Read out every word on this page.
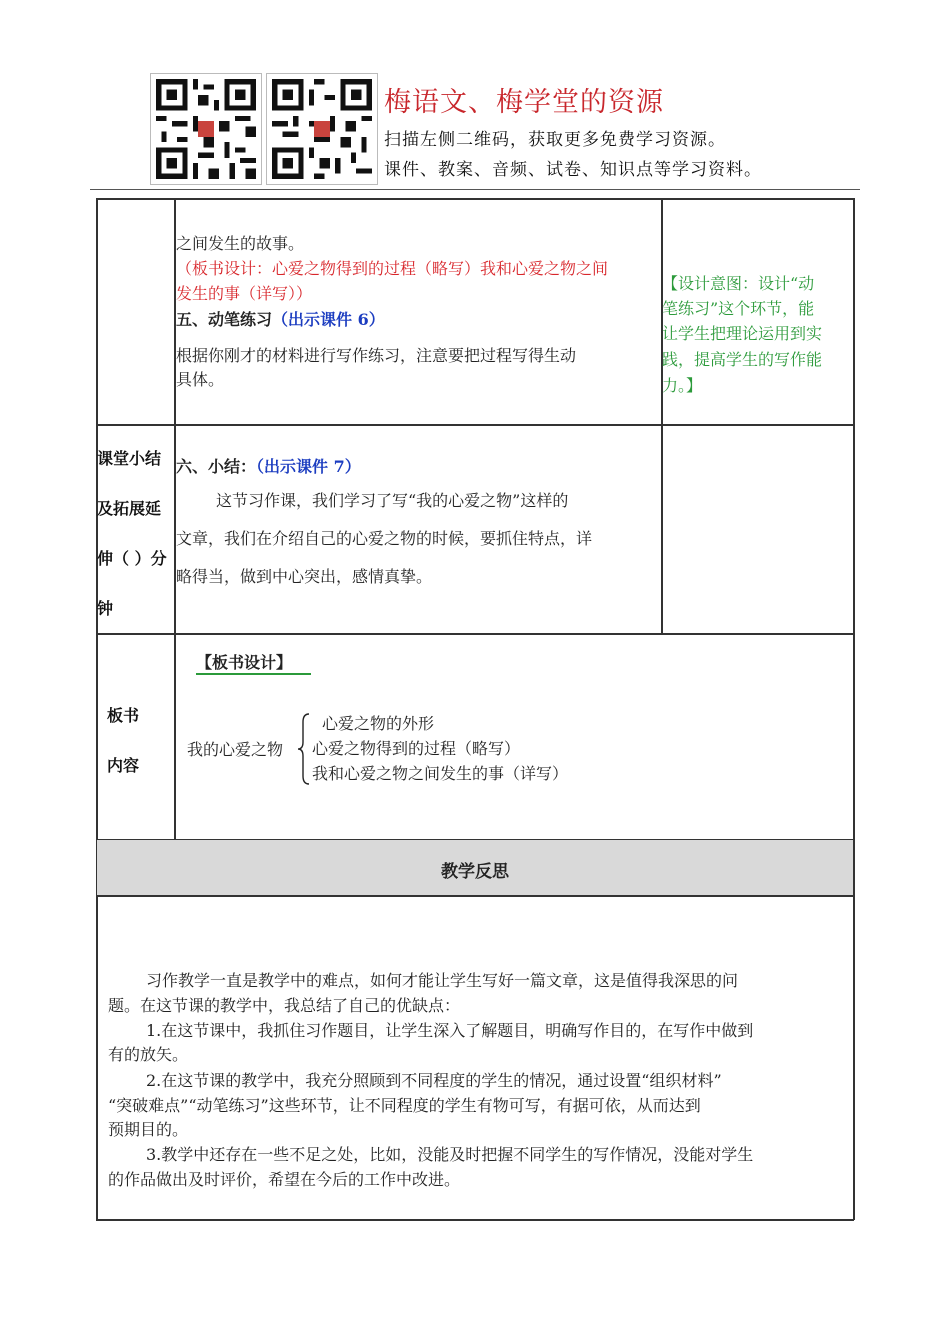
梅语文、梅学堂的资源
扫描左侧二维码，获取更多免费学习资源。
课件、教案、音频、试卷、知识点等学习资料。
之间发生的故事。
（板书设计：心爱之物得到的过程（略写）我和心爱之物之间
发生的事（详写））
五、动笔练习（出示课件 6）
根据你刚才的材料进行写作练习，注意要把过程写得生动
具体。
【设计意图：设计“动
笔练习”这个环节，能
让学生把理论运用到实
践，提高学生的写作能
力。】
课堂小结
及拓展延
伸（ ）分
钟
六、小结：（出示课件 7）
这节习作课，我们学习了写“我的心爱之物”这样的
文章，我们在介绍自己的心爱之物的时候，要抓住特点，详
略得当，做到中心突出，感情真挚。
板书
内容
【板书设计】
我的心爱之物
心爱之物的外形
心爱之物得到的过程（略写）
我和心爱之物之间发生的事（详写）
教学反思
习作教学一直是教学中的难点，如何才能让学生写好一篇文章，这是值得我深思的问
题。在这节课的教学中，我总结了自己的优缺点：
1.在这节课中，我抓住习作题目，让学生深入了解题目，明确写作目的，在写作中做到
有的放矢。
2.在这节课的教学中，我充分照顾到不同程度的学生的情况，通过设置“组织材料”
“突破难点”“动笔练习”这些环节，让不同程度的学生有物可写，有据可依，从而达到
预期目的。
3.教学中还存在一些不足之处，比如，没能及时把握不同学生的写作情况，没能对学生
的作品做出及时评价，希望在今后的工作中改进。
